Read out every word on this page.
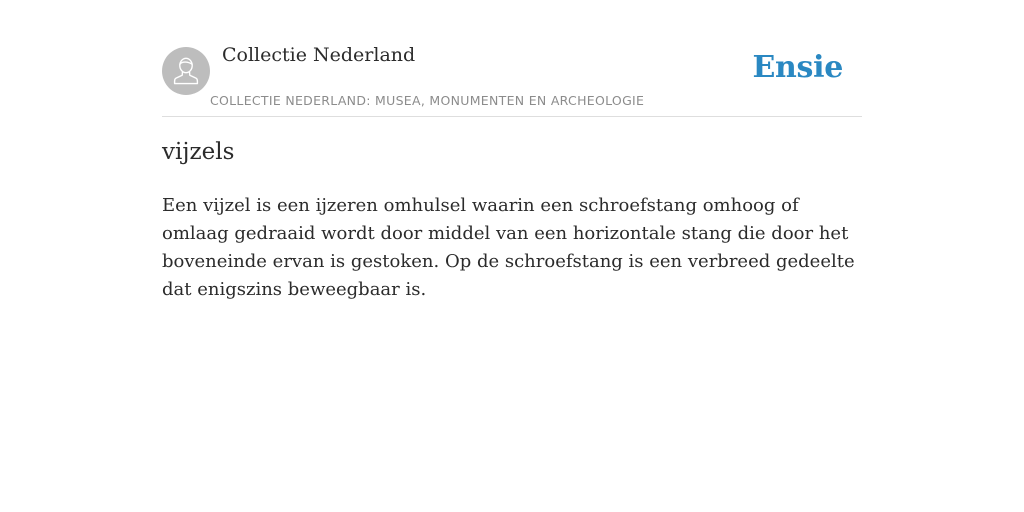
Collectie Nederland
COLLECTIE NEDERLAND: MUSEA, MONUMENTEN EN ARCHEOLOGIE
Ensie
vijzels

Een vijzel is een ijzeren omhulsel waarin een schroefstang omhoog of omlaag gedraaid wordt door middel van een horizontale stang die door het boveneinde ervan is gestoken. Op de schroefstang is een verbreed gedeelte dat enigszins beweegbaar is.
